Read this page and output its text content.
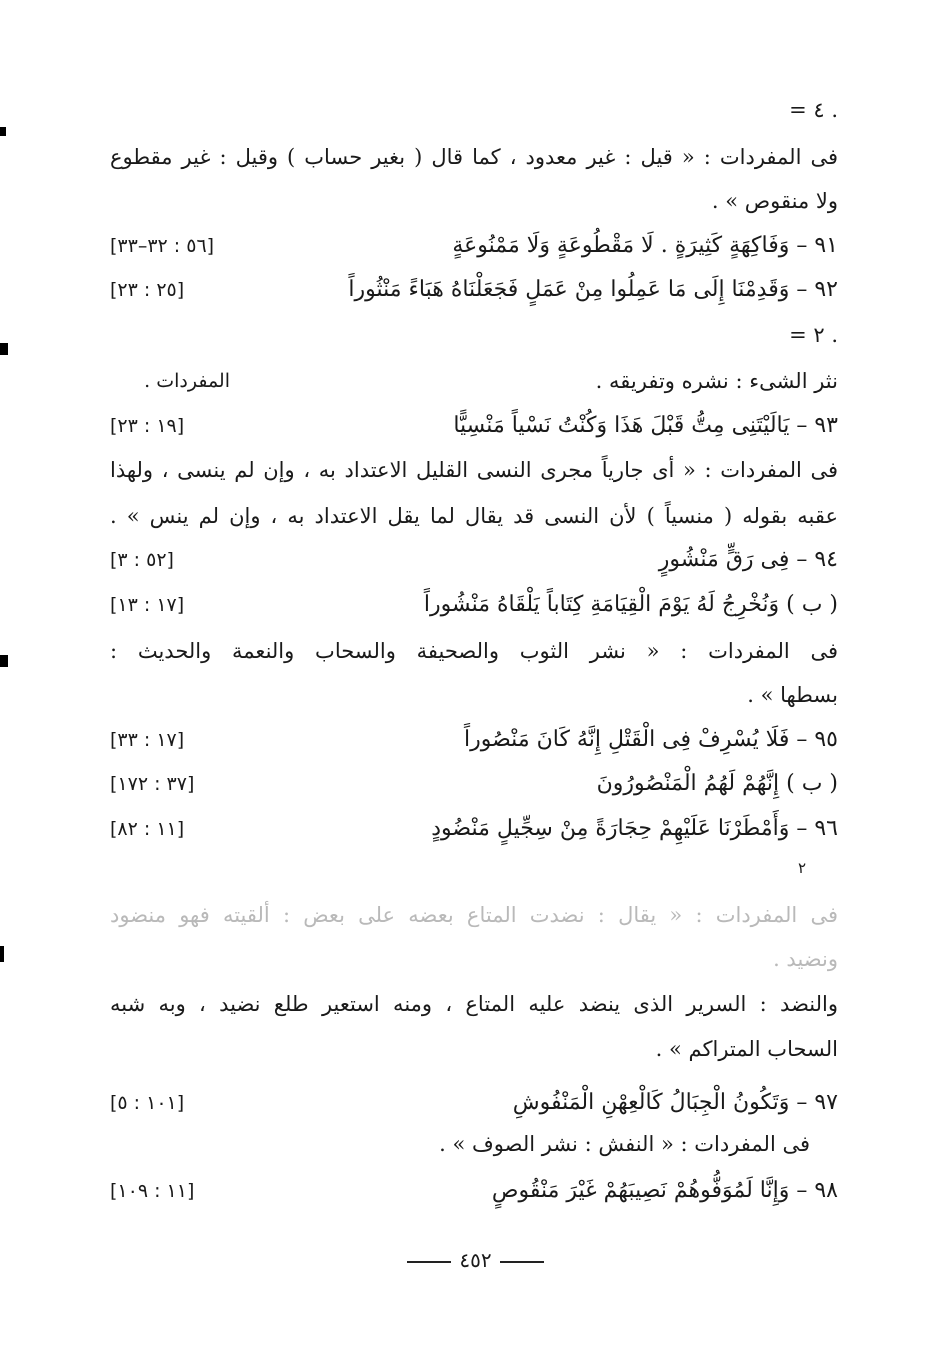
. ٤ =
فى المفردات : « قيل : غير معدود ، كما قال ( بغير حساب ) وقيل : غير مقطوع
ولا منقوص » .
٩١ – وَفَاكِهَةٍ كَثِيرَةٍ . لَا مَقْطُوعَةٍ وَلَا مَمْنُوعَةٍ
[٥٦ : ٣٢–٣٣]
٩٢ – وَقَدِمْنَا إِلَى مَا عَمِلُوا مِنْ عَمَلٍ فَجَعَلْنَاهُ هَبَاءً مَنْثُوراً
[٢٥ : ٢٣]
. ٢ =
نثر الشىء : نشره وتفريقه .
المفردات .
٩٣ – يَالَيْتَنِى مِتُّ قَبْلَ هَذَا وَكُنْتُ نَسْياً مَنْسِيًّا
[١٩ : ٢٣]
فى المفردات : « أى جارياً مجرى النسى القليل الاعتداد به ، وإن لم ينسى ، ولهذا
عقبه بقوله ( منسياً ) لأن النسى قد يقال لما يقل الاعتداد به ، وإن لم ينس » .
٩٤ – فِى رَقٍّ مَنْشُورٍ
[٥٢ : ٣]
( ب ) وَنُخْرِجُ لَهُ يَوْمَ الْقِيَامَةِ كِتَاباً يَلْقَاهُ مَنْشُوراً
[١٧ : ١٣]
فى المفردات : « نشر الثوب والصحيفة والسحاب والنعمة والحديث :
بسطها » .
٩٥ – فَلَا يُسْرِفْ فِى الْقَتْلِ إِنَّهُ كَانَ مَنْصُوراً
[١٧ : ٣٣]
( ب ) إِنَّهُمْ لَهُمُ الْمَنْصُورُونَ
[٣٧ : ١٧٢]
٩٦ – وَأَمْطَرْنَا عَلَيْهِمْ حِجَارَةً مِنْ سِجِّيلٍ مَنْضُودٍ
[١١ : ٨٢]
٢
فى المفردات : « يقال : نضدت المتاع بعضه على بعض : ألقيته فهو منضود
ونضيد .
والنضد : السرير الذى ينضد عليه المتاع ، ومنه استعير طلع نضيد ، وبه شبه
السحاب المتراكم » .
٩٧ – وَتَكُونُ الْجِبَالُ كَالْعِهْنِ الْمَنْفُوشِ
[١٠١ : ٥]
فى المفردات : « النفش : نشر الصوف » .
٩٨ – وَإِنَّا لَمُوَفُّوهُمْ نَصِيبَهُمْ غَيْرَ مَنْقُوصٍ
[١١ : ١٠٩]
٤٥٢
